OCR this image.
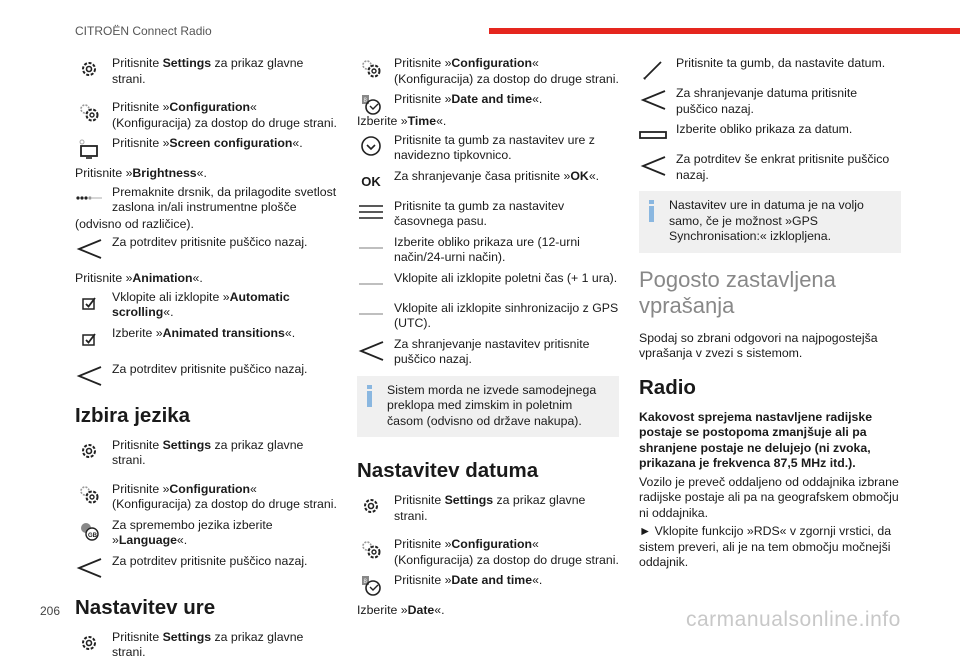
CITROËN Connect Radio
Pritisnite Settings za prikaz glavne strani.
Pritisnite »Configuration« (Konfiguracija) za dostop do druge strani.
Pritisnite »Screen configuration«.
Pritisnite »Brightness«.
Premaknite drsnik, da prilagodite svetlost zaslona in/ali instrumentne plošče
(odvisno od različice).
Za potrditev pritisnite puščico nazaj.
Pritisnite »Animation«.
Vklopite ali izklopite »Automatic scrolling«.
Izberite »Animated transitions«.
Za potrditev pritisnite puščico nazaj.
Izbira jezika
Pritisnite Settings za prikaz glavne strani.
Pritisnite »Configuration« (Konfiguracija) za dostop do druge strani.
GB
Za spremembo jezika izberite »Language«.
Za potrditev pritisnite puščico nazaj.
Nastavitev ure
Pritisnite Settings za prikaz glavne strani.
Pritisnite »Configuration« (Konfiguracija) za dostop do druge strani.
8 Pritisnite »Date and time«.
Izberite »Time«.
Pritisnite ta gumb za nastavitev ure z navidezno tipkovnico.
OK	Za shranjevanje časa pritisnite »OK«.
Pritisnite ta gumb za nastavitev časovnega pasu.
Izberite obliko prikaza ure (12-urni način/24-urni način).
Vklopite ali izklopite poletni čas (+ 1 ura).
Vklopite ali izklopite sinhronizacijo z GPS (UTC).
Za shranjevanje nastavitev pritisnite puščico nazaj.
Sistem morda ne izvede samodejnega preklopa med zimskim in poletnim časom (odvisno od države nakupa).
Nastavitev datuma
Pritisnite Settings za prikaz glavne strani.
Pritisnite »Configuration« (Konfiguracija) za dostop do druge strani.
8 Pritisnite »Date and time«.
Izberite »Date«.
Pritisnite ta gumb, da nastavite datum.
Za shranjevanje datuma pritisnite puščico nazaj.
Izberite obliko prikaza za datum.
Za potrditev še enkrat pritisnite puščico nazaj.
Nastavitev ure in datuma je na voljo samo, če je možnost »GPS Synchronisation:« izklopljena.
Pogosto zastavljena vprašanja
Spodaj so zbrani odgovori na najpogostejša vprašanja v zvezi s sistemom.
Radio
Kakovost sprejema nastavljene radijske postaje se postopoma zmanjšuje ali pa shranjene postaje ne delujejo (ni zvoka, prikazana je frekvenca 87,5 MHz itd.).
Vozilo je preveč oddaljeno od oddajnika izbrane radijske postaje ali pa na geografskem območju ni oddajnika.
► Vklopite funkcijo »RDS« v zgornji vrstici, da sistem preveri, ali je na tem območju močnejši oddajnik.
206	carmanualsonline.info
